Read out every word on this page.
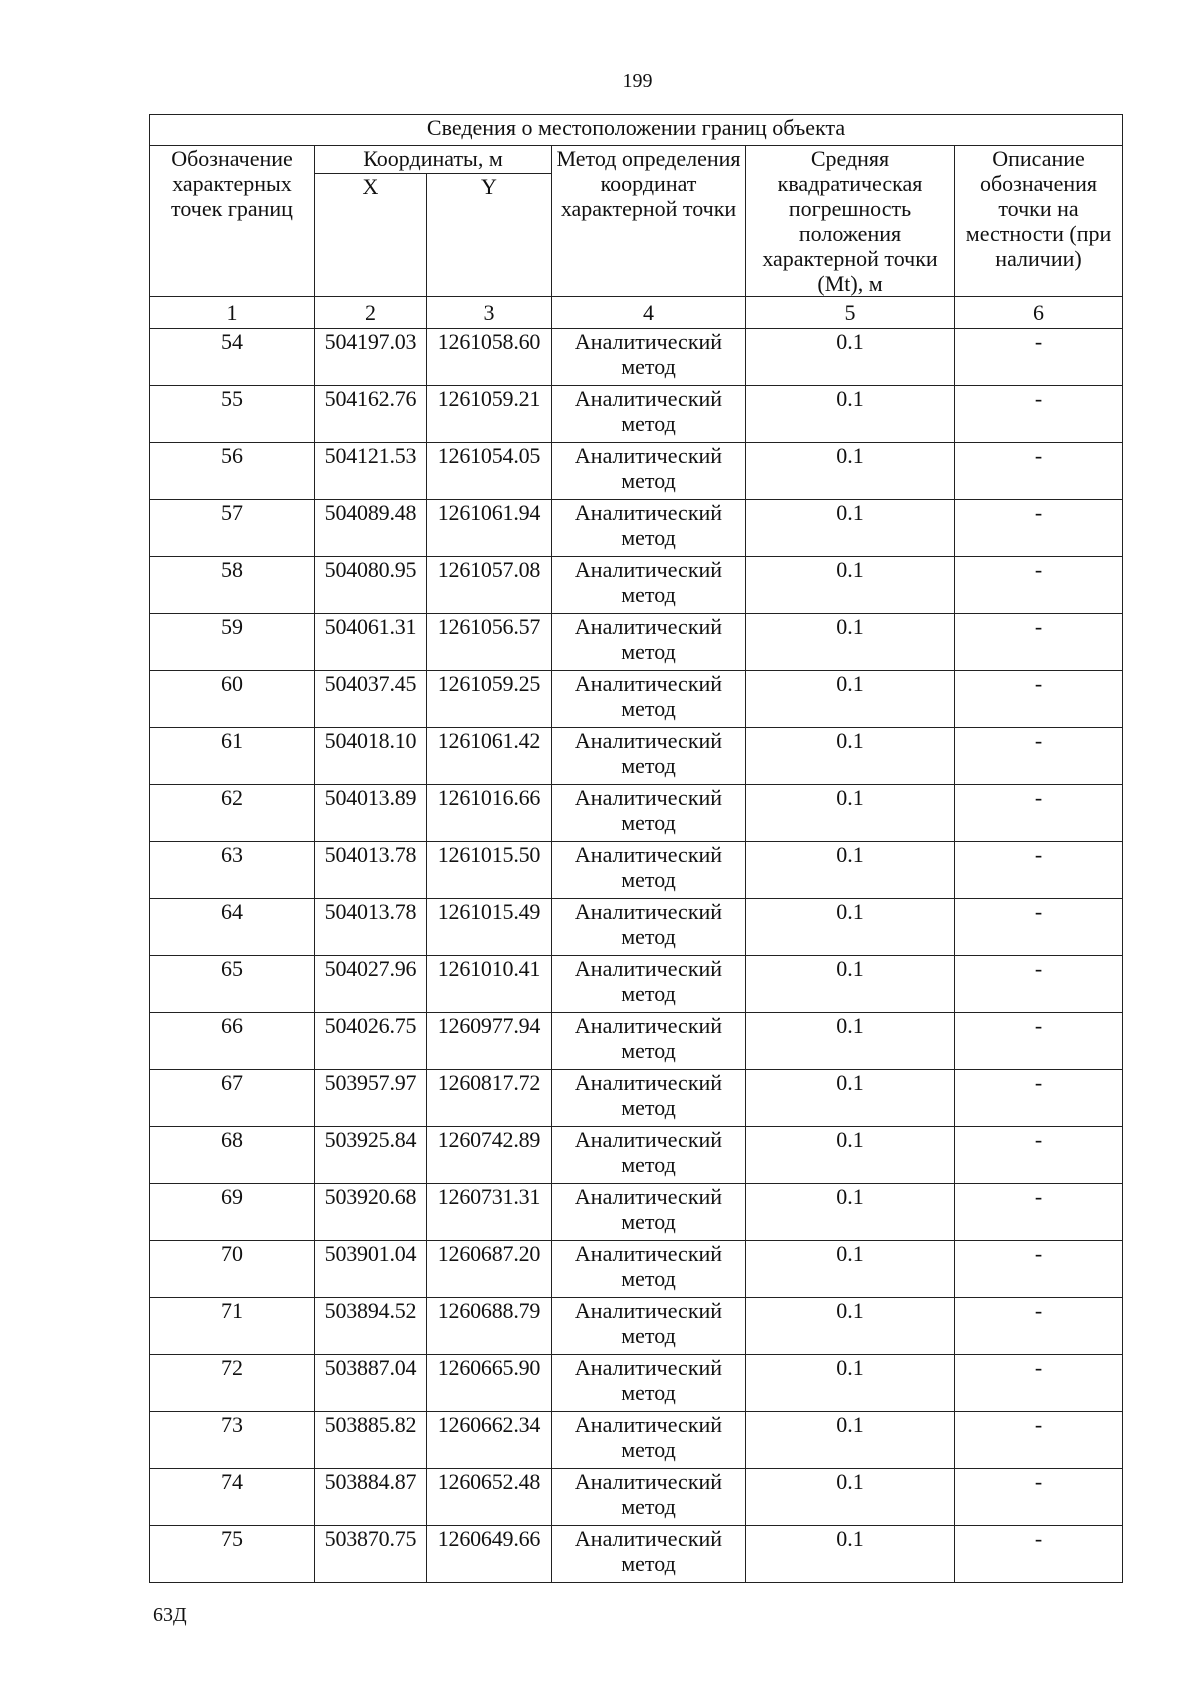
199
Сведения о местоположении границ объекта					
Обозначение характерных точек границ	Координаты, м		Метод определения координат характерной точки	Средняя квадратическая погрешность положения характерной точки (Mt), м	Описание обозначения точки на местности (при наличии)
	X	Y			
1	2	3	4	5	6
54	504197.03	1261058.60	Аналитический метод	0.1	-
55	504162.76	1261059.21	Аналитический метод	0.1	-
56	504121.53	1261054.05	Аналитический метод	0.1	-
57	504089.48	1261061.94	Аналитический метод	0.1	-
58	504080.95	1261057.08	Аналитический метод	0.1	-
59	504061.31	1261056.57	Аналитический метод	0.1	-
60	504037.45	1261059.25	Аналитический метод	0.1	-
61	504018.10	1261061.42	Аналитический метод	0.1	-
62	504013.89	1261016.66	Аналитический метод	0.1	-
63	504013.78	1261015.50	Аналитический метод	0.1	-
64	504013.78	1261015.49	Аналитический метод	0.1	-
65	504027.96	1261010.41	Аналитический метод	0.1	-
66	504026.75	1260977.94	Аналитический метод	0.1	-
67	503957.97	1260817.72	Аналитический метод	0.1	-
68	503925.84	1260742.89	Аналитический метод	0.1	-
69	503920.68	1260731.31	Аналитический метод	0.1	-
70	503901.04	1260687.20	Аналитический метод	0.1	-
71	503894.52	1260688.79	Аналитический метод	0.1	-
72	503887.04	1260665.90	Аналитический метод	0.1	-
73	503885.82	1260662.34	Аналитический метод	0.1	-
74	503884.87	1260652.48	Аналитический метод	0.1	-
75	503870.75	1260649.66	Аналитический метод	0.1	-
63Д
